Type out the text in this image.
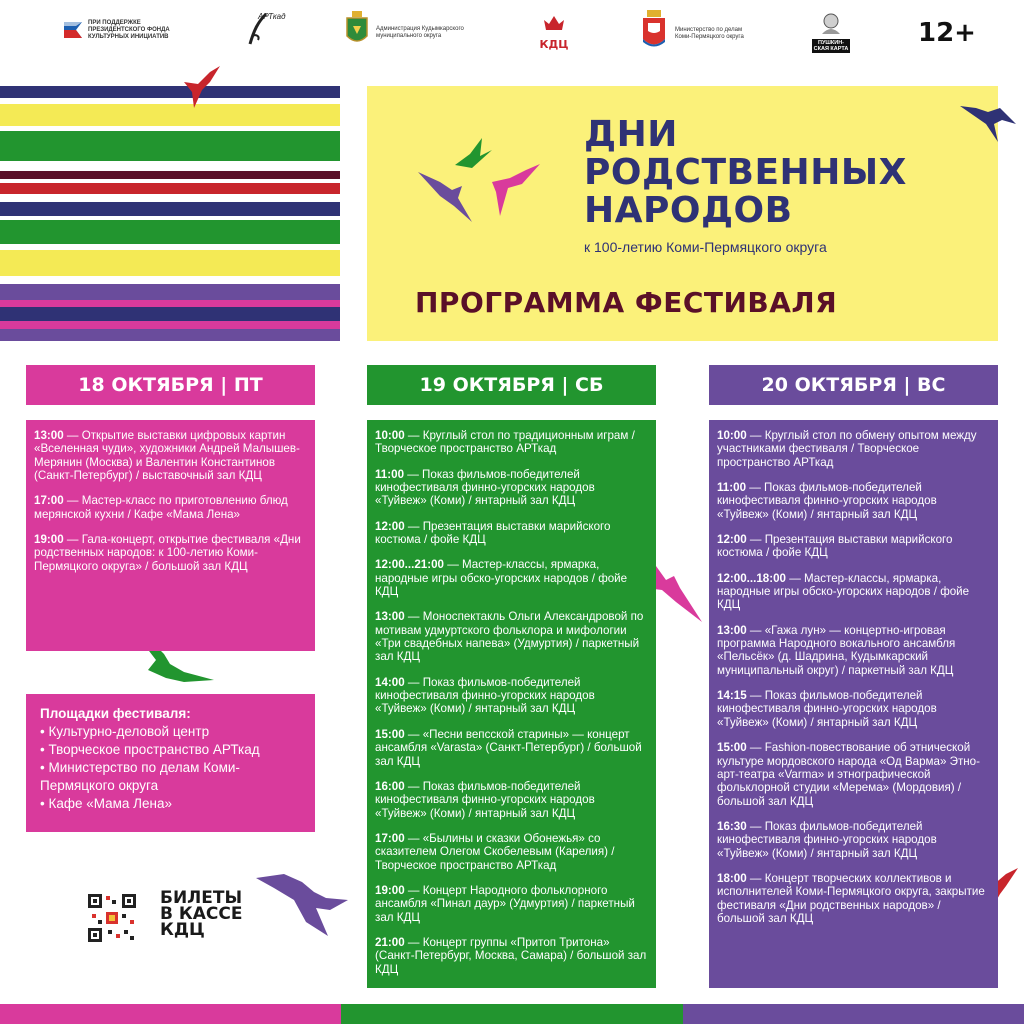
ПРИ ПОДДЕРЖКЕ ПРЕЗИДЕНТСКОГО ФОНДА КУЛЬТУРНЫХ ИНИЦИАТИВ
АРТкад
Администрация Кудымкарского муниципального округа
КДЦ
Министерство по делам Коми-Пермяцкого округа
ПУШКИН-СКАЯ КАРТА
12+
ДНИ
РОДСТВЕННЫХ
НАРОДОВ
к 100-летию Коми-Пермяцкого округа
ПРОГРАММА ФЕСТИВАЛЯ
18 ОКТЯБРЯ | ПТ
13:00 — Открытие выставки цифровых картин «Вселенная чуди», художники Андрей Малышев-Мерянин (Москва) и Валентин Константинов (Санкт-Петербург) / выставочный зал КДЦ
17:00 — Мастер-класс по приготовлению блюд мерянской кухни / Кафе «Мама Лена»
19:00 — Гала-концерт, открытие фестиваля «Дни родственных народов: к 100-летию Коми-Пермяцкого округа» / большой зал КДЦ
Площадки фестиваля:
• Культурно-деловой центр
• Творческое пространство АРТкад
• Министерство по делам Коми-Пермяцкого округа
• Кафе «Мама Лена»
БИЛЕТЫ
В КАССЕ
КДЦ
19 ОКТЯБРЯ | СБ
10:00 — Круглый стол по традиционным играм / Творческое пространство АРТкад
11:00 — Показ фильмов-победителей кинофестиваля финно-угорских народов «Туйвеж» (Коми) / янтарный зал КДЦ
12:00 — Презентация выставки марийского костюма / фойе КДЦ
12:00...21:00 — Мастер-классы, ярмарка, народные игры обско-угорских народов / фойе КДЦ
13:00 — Моноспектакль Ольги Александровой по мотивам удмуртского фольклора и мифологии «Три свадебных напева» (Удмуртия) / паркетный зал КДЦ
14:00 — Показ фильмов-победителей кинофестиваля финно-угорских народов «Туйвеж» (Коми) / янтарный зал КДЦ
15:00 — «Песни вепсской старины» — концерт ансамбля «Varasta» (Санкт-Петербург) / большой зал КДЦ
16:00 — Показ фильмов-победителей кинофестиваля финно-угорских народов «Туйвеж» (Коми) / янтарный зал КДЦ
17:00 — «Былины и сказки Обонежья» со сказителем Олегом Скобелевым (Карелия) / Творческое пространство АРТкад
19:00 — Концерт Народного фольклорного ансамбля «Пинал даур» (Удмуртия) / паркетный зал КДЦ
21:00 — Концерт группы «Притоп Тритона» (Санкт-Петербург, Москва, Самара) / большой зал КДЦ
20 ОКТЯБРЯ | ВС
10:00 — Круглый стол по обмену опытом между участниками фестиваля / Творческое пространство АРТкад
11:00 — Показ фильмов-победителей кинофестиваля финно-угорских народов «Туйвеж» (Коми) / янтарный зал КДЦ
12:00 — Презентация выставки марийского костюма / фойе КДЦ
12:00...18:00 — Мастер-классы, ярмарка, народные игры обско-угорских народов / фойе КДЦ
13:00 — «Гажа лун» — концертно-игровая программа Народного вокального ансамбля «Пельсёк» (д. Шадрина, Кудымкарский муниципальный округ) / паркетный зал КДЦ
14:15 — Показ фильмов-победителей кинофестиваля финно-угорских народов «Туйвеж» (Коми) / янтарный зал КДЦ
15:00 — Fashion-повествование об этнической культуре мордовского народа «Од Варма» Этно-арт-театра «Varma» и этнографической фольклорной студии «Мерема» (Мордовия) / большой зал КДЦ
16:30 — Показ фильмов-победителей кинофестиваля финно-угорских народов «Туйвеж» (Коми) / янтарный зал КДЦ
18:00 — Концерт творческих коллективов и исполнителей Коми-Пермяцкого округа, закрытие фестиваля «Дни родственных народов» / большой зал КДЦ
